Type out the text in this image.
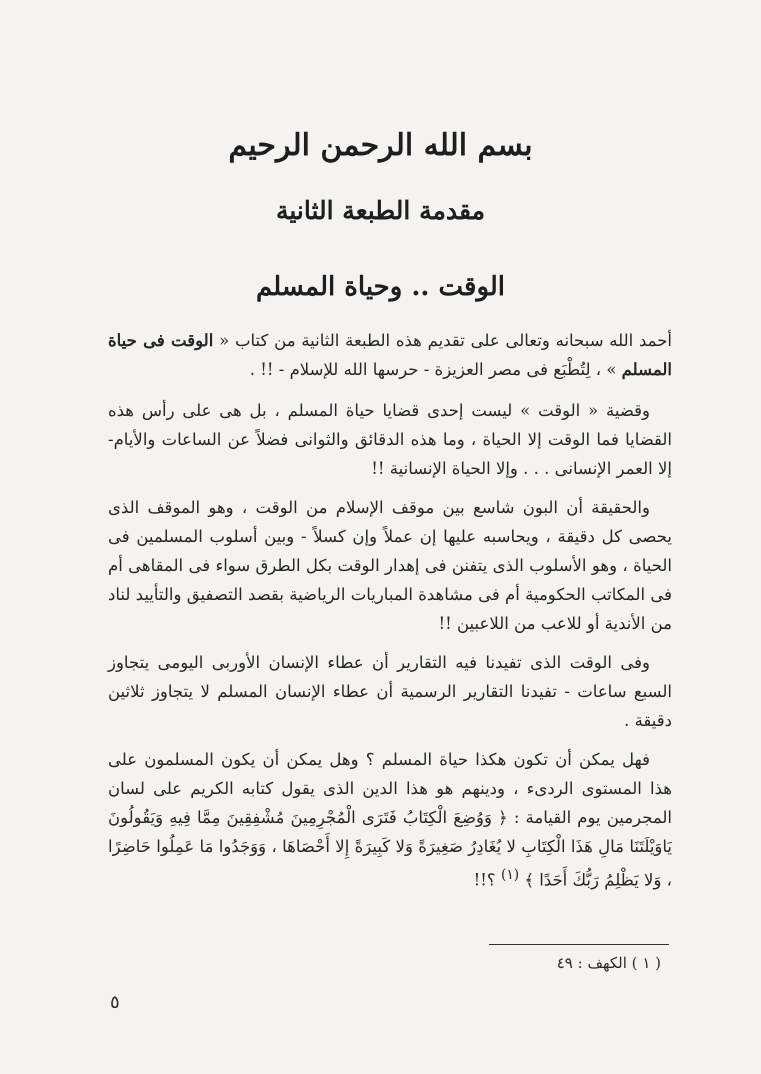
بسم الله الرحمن الرحيم
مقدمة الطبعة الثانية
الوقت .. وحياة المسلم

أحمد الله سبحانه وتعالى على تقديم هذه الطبعة الثانية من كتاب « الوقت فى حياة المسلم » ، لِتُطْبَع فى مصر العزيزة - حرسها الله للإسلام - !! .

وقضية « الوقت » ليست إحدى قضايا حياة المسلم ، بل هى على رأس هذه القضايا فما الوقت إلا الحياة ، وما هذه الدقائق والثوانى فضلاً عن الساعات والأيام- إلا العمر الإنسانى . . . وإلا الحياة الإنسانية !!

والحقيقة أن البون شاسع بين موقف الإسلام من الوقت ، وهو الموقف الذى يحصى كل دقيقة ، ويحاسبه عليها إن عملاً وإن كسلاً - وبين أسلوب المسلمين فى الحياة ، وهو الأسلوب الذى يتفنن فى إهدار الوقت بكل الطرق سواء فى المقاهى أم فى المكاتب الحكومية أم فى مشاهدة المباريات الرياضية بقصد التصفيق والتأييد لناد من الأندية أو للاعب من اللاعبين !!

وفى الوقت الذى تفيدنا فيه التقارير أن عطاء الإنسان الأوربى اليومى يتجاوز السبع ساعات - تفيدنا التقارير الرسمية أن عطاء الإنسان المسلم لا يتجاوز ثلاثين دقيقة .

فهل يمكن أن تكون هكذا حياة المسلم ؟ وهل يمكن أن يكون المسلمون على هذا المستوى الردىء ، ودينهم هو هذا الدين الذى يقول كتابه الكريم على لسان المجرمين يوم القيامة : ﴿ وَوُضِعَ الْكِتَابُ فَتَرَى الْمُجْرِمِينَ مُشْفِقِينَ مِمَّا فِيهِ وَيَقُولُونَ يَاوَيْلَتَنَا مَالِ هَذَا الْكِتَابِ لا يُغَادِرُ صَغِيرَةً وَلا كَبِيرَةً إِلا أَحْصَاهَا ، وَوَجَدُوا مَا عَمِلُوا حَاضِرًا ، وَلا يَظْلِمُ رَبُّكَ أَحَدًا ﴾ $^{(١)}$ ؟!!

( ١ ) الكهف : ٤٩
٥
